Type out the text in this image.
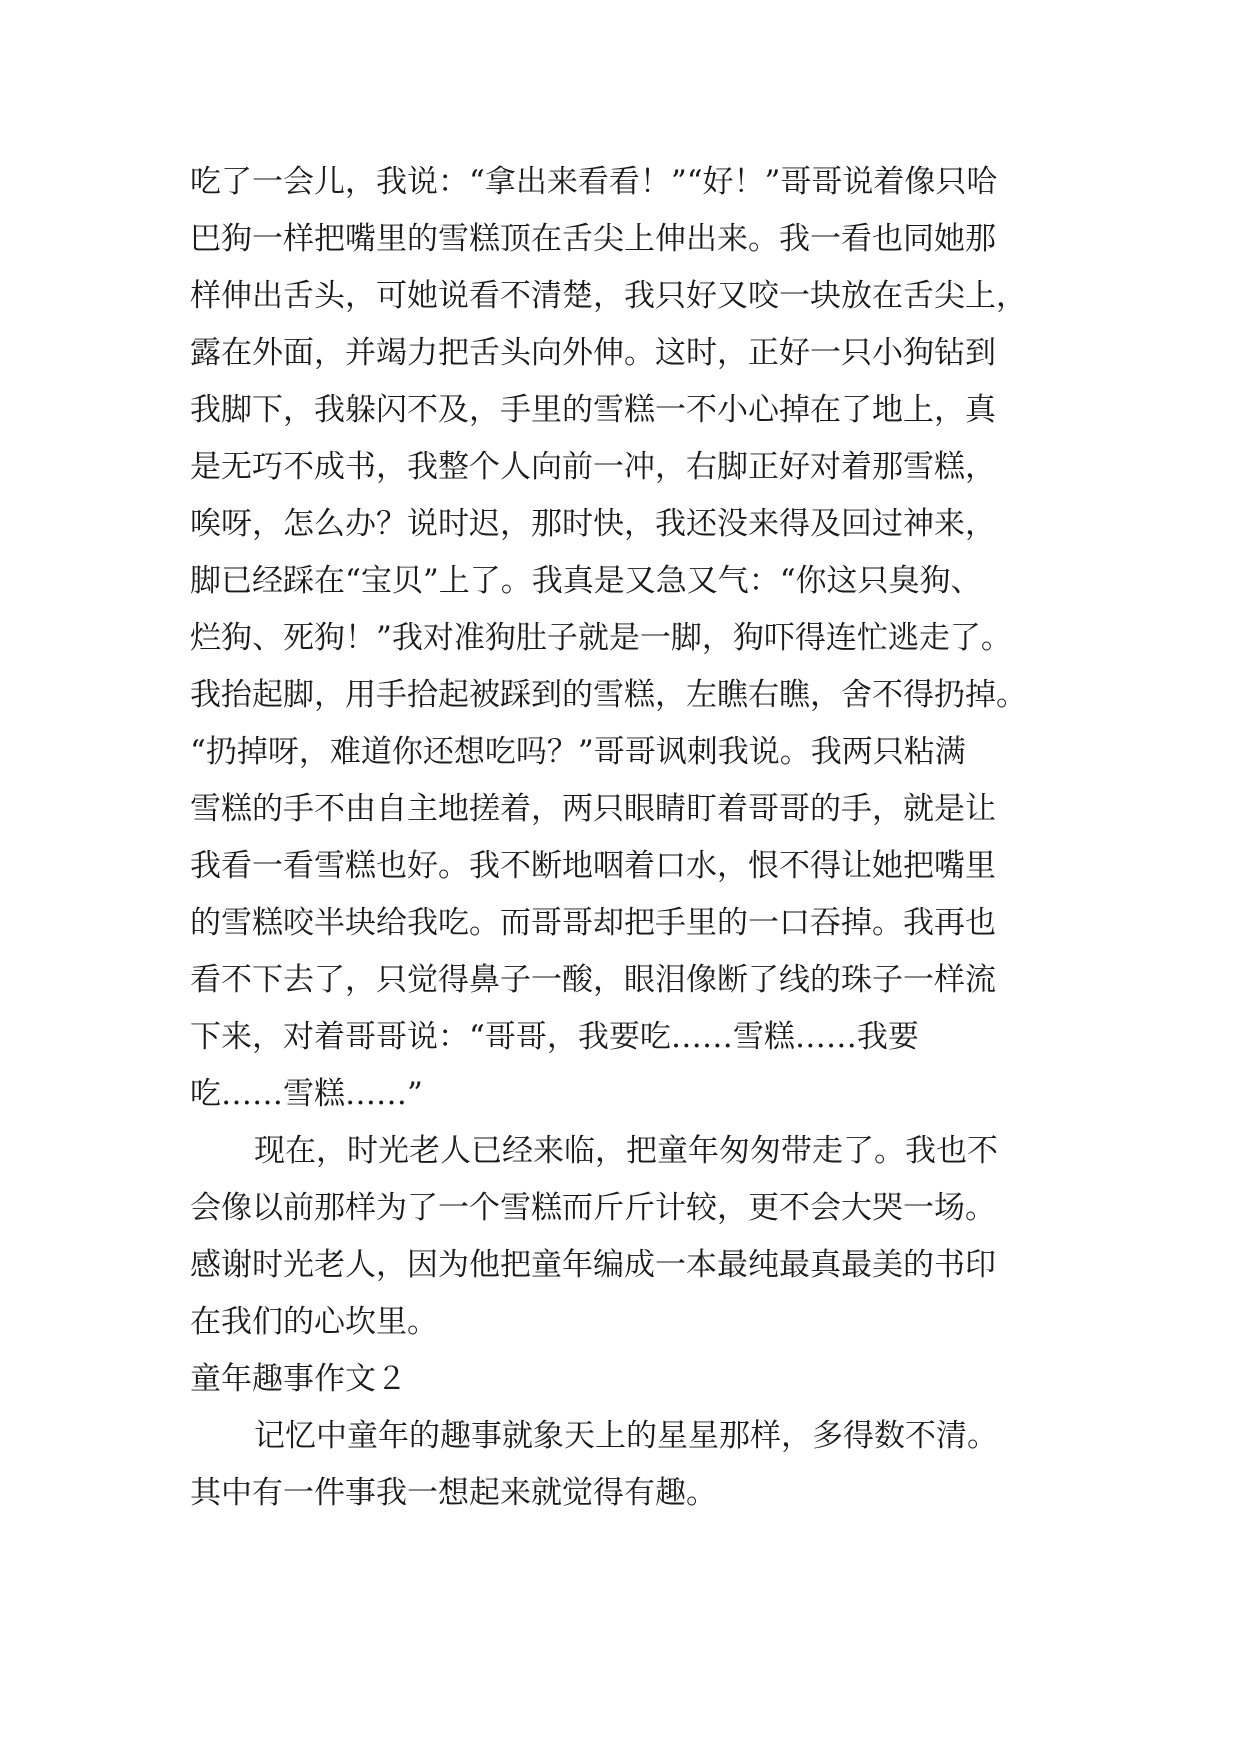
吃了一会儿，我说：“拿出来看看！”“好！”哥哥说着像只哈
巴狗一样把嘴里的雪糕顶在舌尖上伸出来。我一看也同她那
样伸出舌头，可她说看不清楚，我只好又咬一块放在舌尖上，
露在外面，并竭力把舌头向外伸。这时，正好一只小狗钻到
我脚下，我躲闪不及，手里的雪糕一不小心掉在了地上，真
是无巧不成书，我整个人向前一冲，右脚正好对着那雪糕，
唉呀，怎么办？说时迟，那时快，我还没来得及回过神来，
脚已经踩在“宝贝”上了。我真是又急又气：“你这只臭狗、
烂狗、死狗！”我对准狗肚子就是一脚，狗吓得连忙逃走了。
我抬起脚，用手拾起被踩到的雪糕，左瞧右瞧，舍不得扔掉。
“扔掉呀，难道你还想吃吗？”哥哥讽刺我说。我两只粘满
雪糕的手不由自主地搓着，两只眼睛盯着哥哥的手，就是让
我看一看雪糕也好。我不断地咽着口水，恨不得让她把嘴里
的雪糕咬半块给我吃。而哥哥却把手里的一口吞掉。我再也
看不下去了，只觉得鼻子一酸，眼泪像断了线的珠子一样流
下来，对着哥哥说：“哥哥，我要吃……雪糕……我要
吃……雪糕……”
现在，时光老人已经来临，把童年匆匆带走了。我也不
会像以前那样为了一个雪糕而斤斤计较，更不会大哭一场。
感谢时光老人，因为他把童年编成一本最纯最真最美的书印
在我们的心坎里。
童年趣事作文２
记忆中童年的趣事就象天上的星星那样，多得数不清。
其中有一件事我一想起来就觉得有趣。
